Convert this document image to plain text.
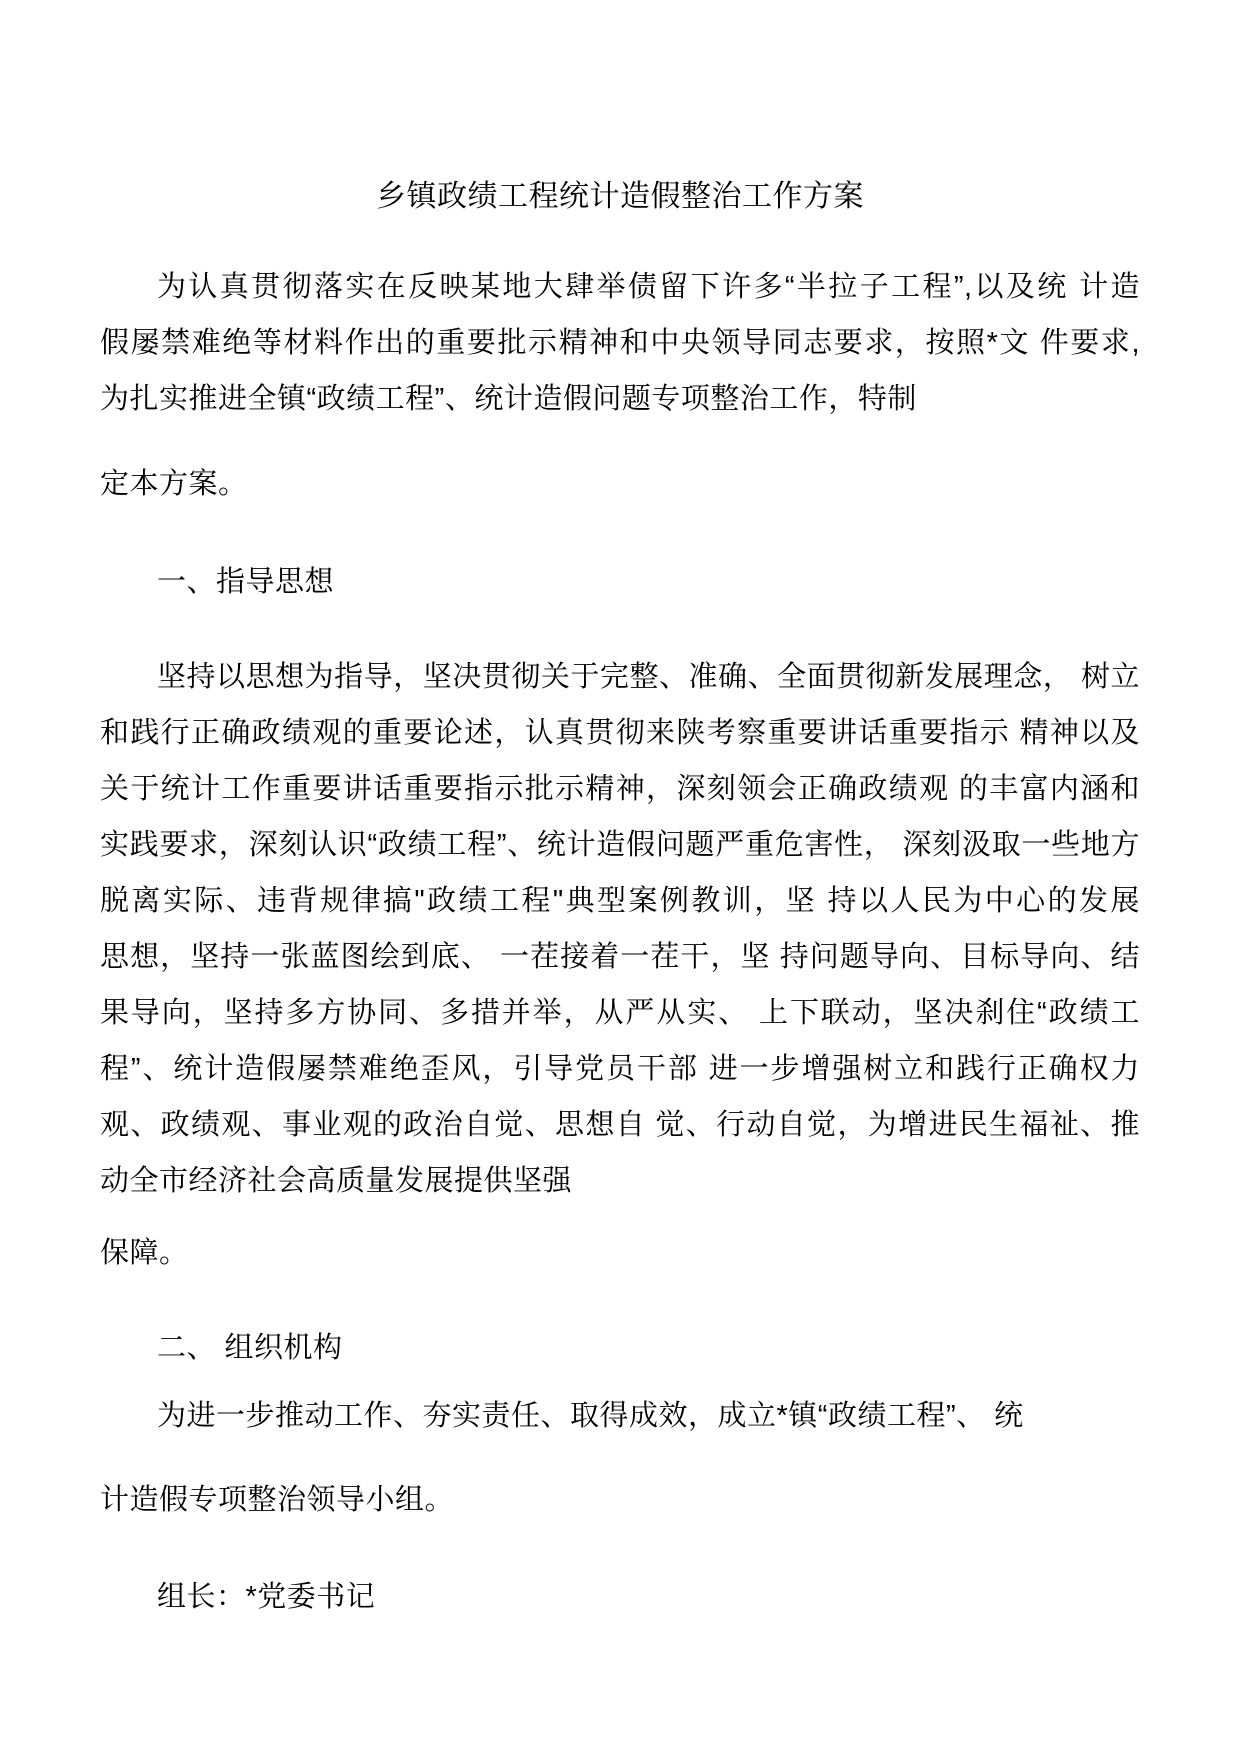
乡镇政绩工程统计造假整治工作方案
为认真贯彻落实在反映某地大肆举债留下许多“半拉子工程”,以及统 计造
假屡禁难绝等材料作出的重要批示精神和中央领导同志要求，按照*文 件要求,
为扎实推进全镇“政绩工程”、统计造假问题专项整治工作，特制
定本方案。
一、指导思想
坚持以思想为指导，坚决贯彻关于完整、准确、全面贯彻新发展理念， 树立
和践行正确政绩观的重要论述，认真贯彻来陕考察重要讲话重要指示 精神以及
关于统计工作重要讲话重要指示批示精神，深刻领会正确政绩观 的丰富内涵和
实践要求，深刻认识“政绩工程”、统计造假问题严重危害性， 深刻汲取一些地方
脱离实际、违背规律搞"政绩工程"典型案例教训，坚 持以人民为中心的发展
思想，坚持一张蓝图绘到底、 一茬接着一茬干，坚 持问题导向、目标导向、结
果导向，坚持多方协同、多措并举，从严从实、 上下联动，坚决刹住“政绩工
程”、统计造假屡禁难绝歪风，引导党员干部 进一步增强树立和践行正确权力
观、政绩观、事业观的政治自觉、思想自 觉、行动自觉，为增进民生福祉、推
动全市经济社会高质量发展提供坚强
保障。
二、 组织机构
为进一步推动工作、夯实责任、取得成效，成立*镇“政绩工程”、 统
计造假专项整治领导小组。
组长：*党委书记
